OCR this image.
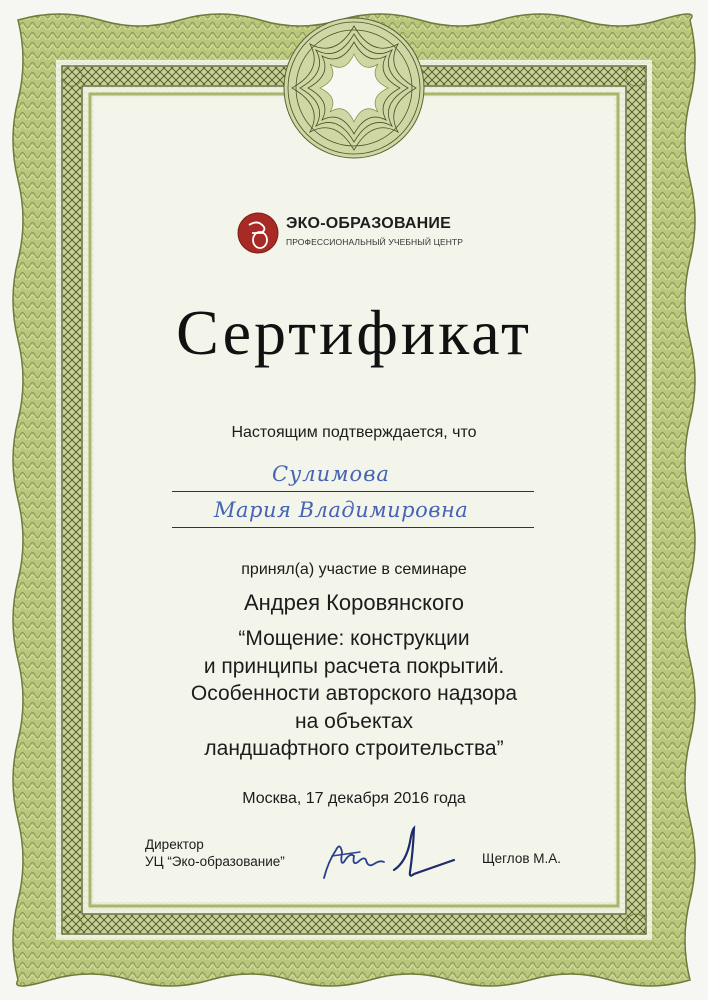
ЭКО-ОБРАЗОВАНИЕ
ПРОФЕССИОНАЛЬНЫЙ УЧЕБНЫЙ ЦЕНТР
Сертификат
Настоящим подтверждается, что
Сулимова
Мария Владимировна
принял(а) участие в семинаре
Андрея Коровянского
“Мощение: конструкции
и принципы расчета покрытий.
Особенности авторского надзора
на объектах
ландшафтного строительства”
Москва, 17 декабря 2016 года
Директор
УЦ “Эко-образование”	Щеглов М.А.
